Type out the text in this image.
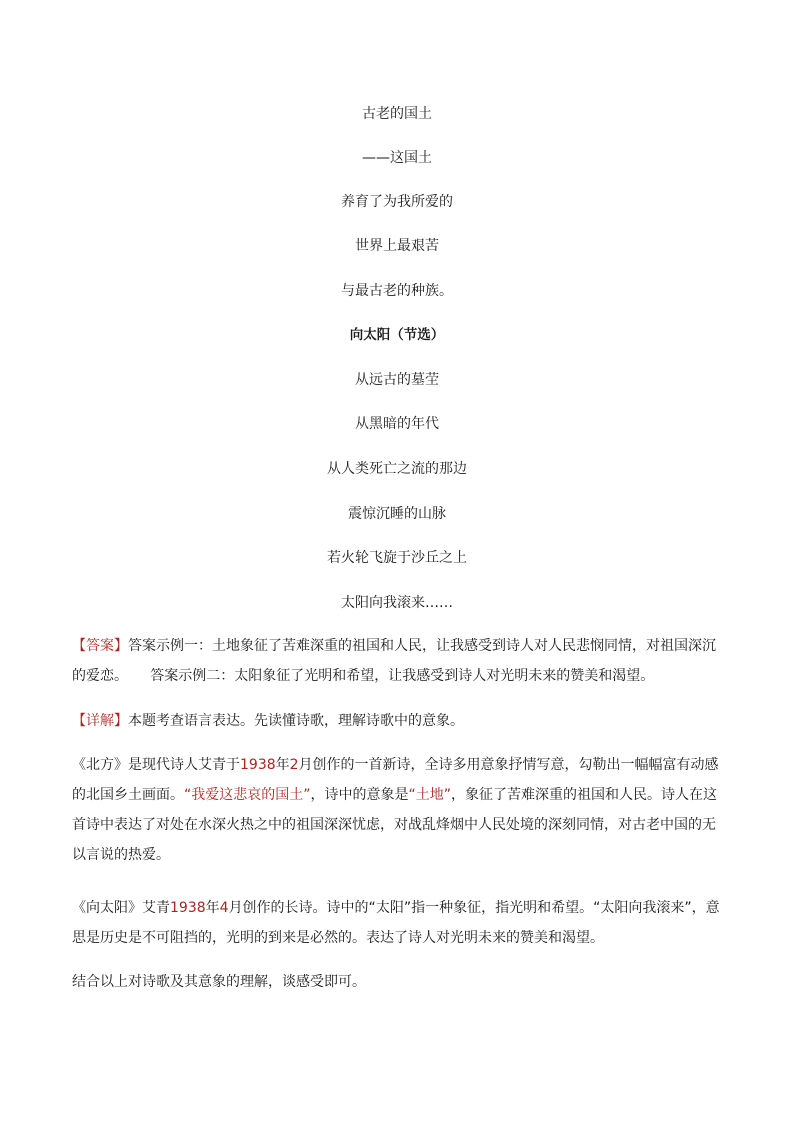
古老的国土
——这国土
养育了为我所爱的
世界上最艰苦
与最古老的种族。
向太阳（节选）
从远古的墓茔
从黑暗的年代
从人类死亡之流的那边
震惊沉睡的山脉
若火轮飞旋于沙丘之上
太阳向我滚来……
【答案】答案示例一：土地象征了苦难深重的祖国和人民，让我感受到诗人对人民悲悯同情，对祖国深沉的爱恋。     答案示例二：太阳象征了光明和希望，让我感受到诗人对光明未来的赞美和渴望。
【详解】本题考查语言表达。先读懂诗歌，理解诗歌中的意象。
《北方》是现代诗人艾青于1938年2月创作的一首新诗，全诗多用意象抒情写意，勾勒出一幅幅富有动感的北国乡土画面。“我爱这悲哀的国土”，诗中的意象是“土地”，象征了苦难深重的祖国和人民。诗人在这首诗中表达了对处在水深火热之中的祖国深深忧虑，对战乱烽烟中人民处境的深刻同情，对古老中国的无以言说的热爱。
《向太阳》艾青1938年4月创作的长诗。诗中的“太阳”指一种象征，指光明和希望。“太阳向我滚来”，意思是历史是不可阻挡的，光明的到来是必然的。表达了诗人对光明未来的赞美和渴望。
结合以上对诗歌及其意象的理解，谈感受即可。
